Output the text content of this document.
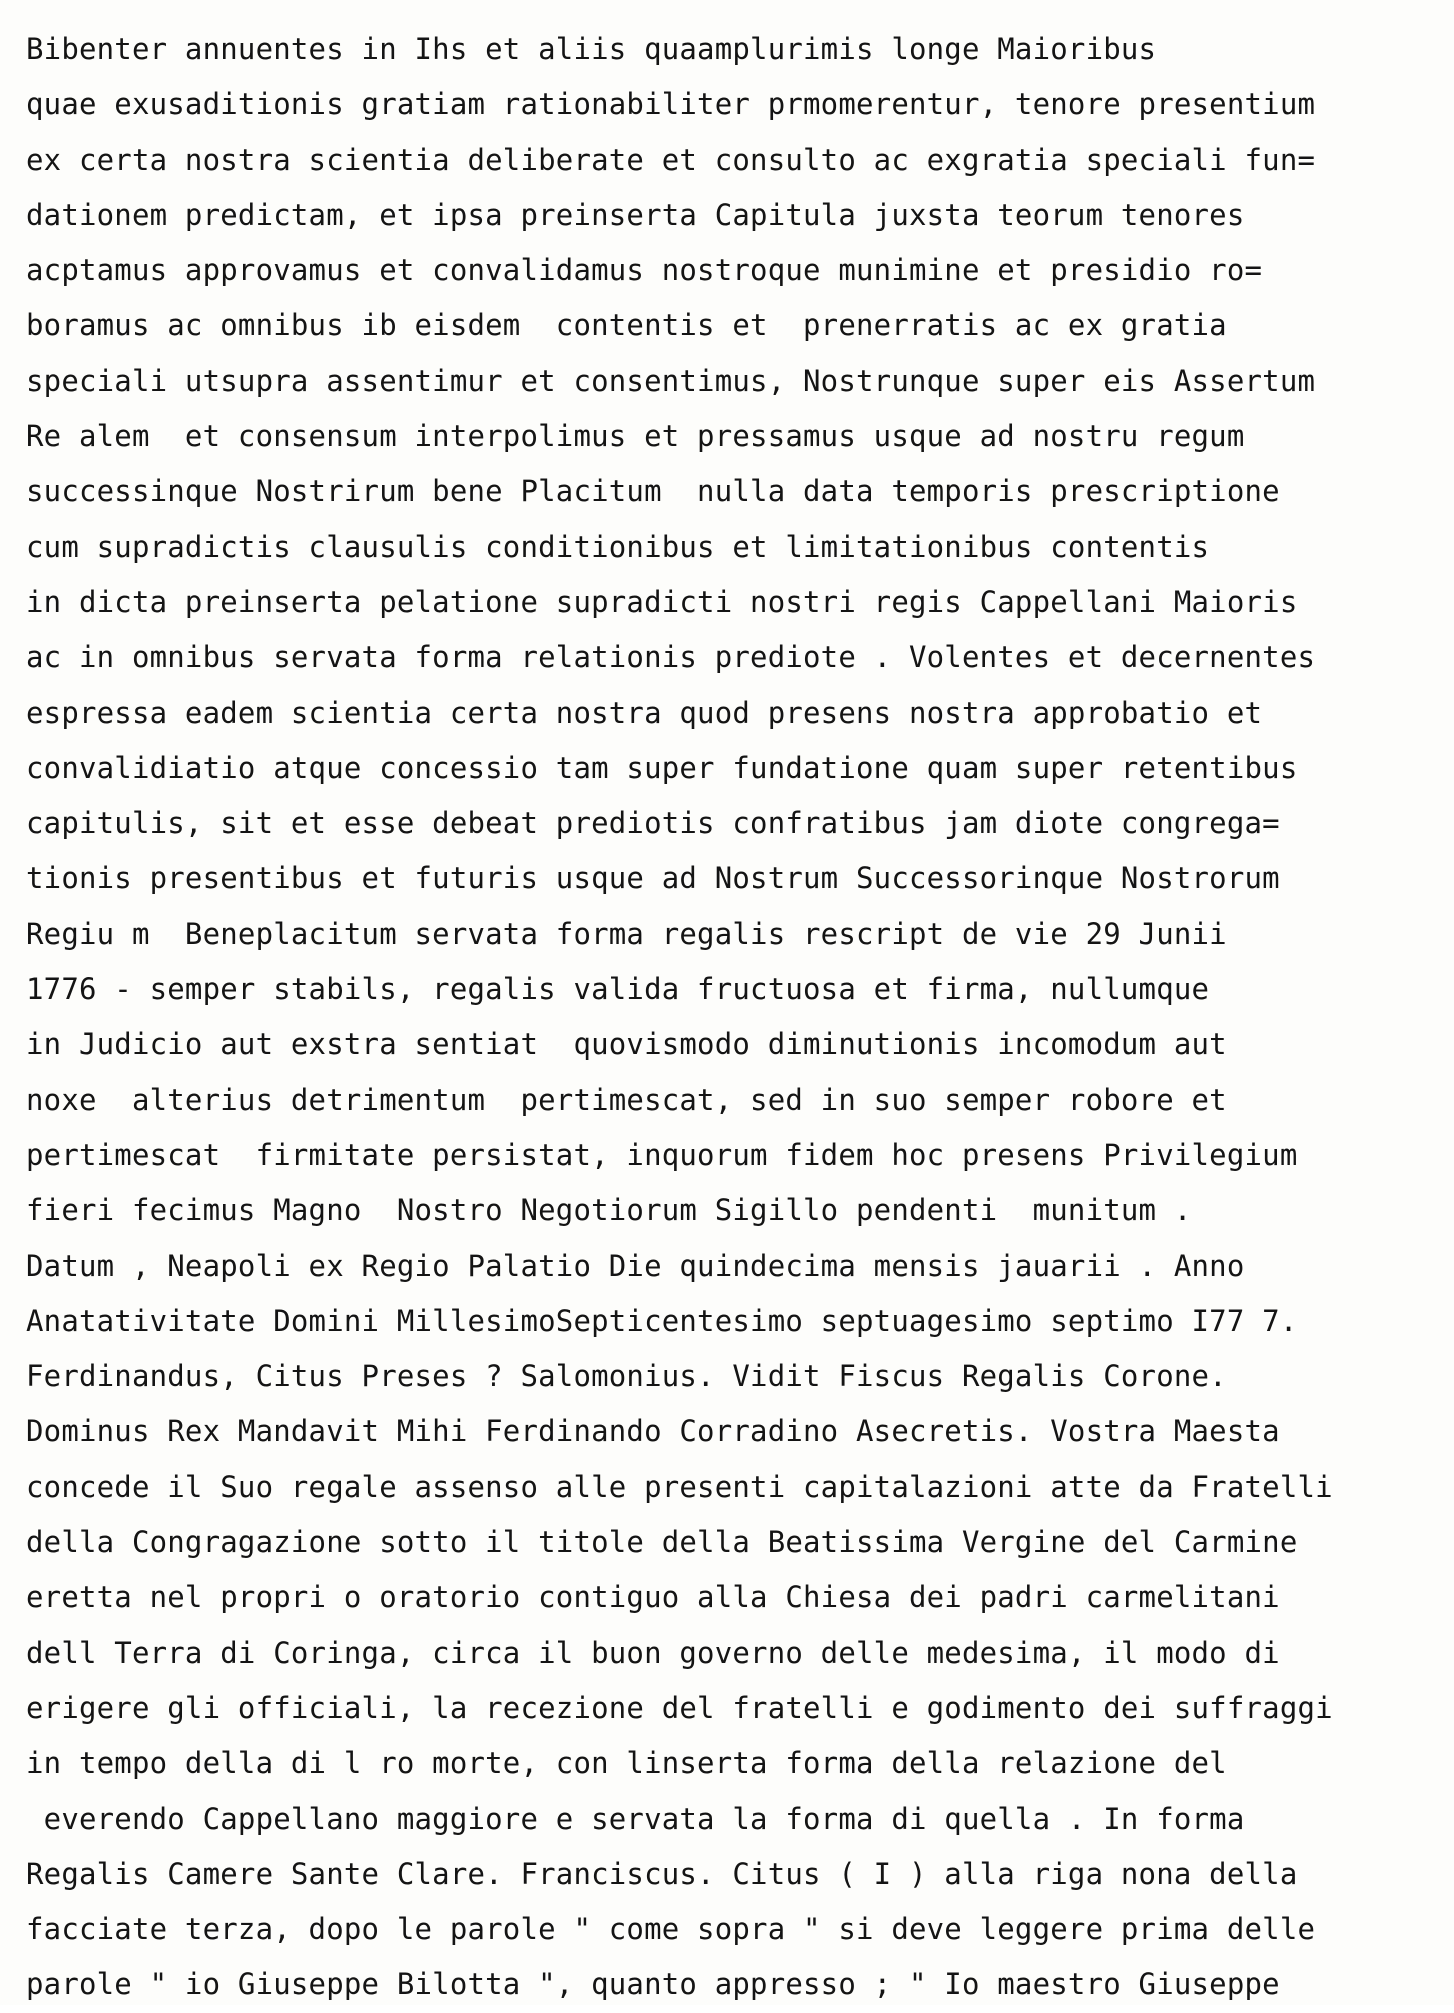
Bibenter annuentes in Ihs et aliis quaamplurimis longe Maioribus
quae exusaditionis gratiam rationabiliter prmomerentur, tenore presentium
ex certa nostra scientia deliberate et consulto ac exgratia speciali fun=
dationem predictam, et ipsa preinserta Capitula juxsta teorum tenores
acptamus approvamus et convalidamus nostroque munimine et presidio ro=
boramus ac omnibus ib eisdem  contentis et  prenerratis ac ex gratia
speciali utsupra assentimur et consentimus, Nostrunque super eis Assertum
Re alem  et consensum interpolimus et pressamus usque ad nostru regum
successinque Nostrirum bene Placitum  nulla data temporis prescriptione
cum supradictis clausulis conditionibus et limitationibus contentis
in dicta preinserta pelatione supradicti nostri regis Cappellani Maioris
ac in omnibus servata forma relationis prediote . Volentes et decernentes
espressa eadem scientia certa nostra quod presens nostra approbatio et
convalidiatio atque concessio tam super fundatione quam super retentibus
capitulis, sit et esse debeat prediotis confratibus jam diote congrega=
tionis presentibus et futuris usque ad Nostrum Successorinque Nostrorum
Regiu m  Beneplacitum servata forma regalis rescript de vie 29 Junii
1776 - semper stabils, regalis valida fructuosa et firma, nullumque
in Judicio aut exstra sentiat  quovismodo diminutionis incomodum aut
noxe  alterius detrimentum  pertimescat, sed in suo semper robore et
pertimescat  firmitate persistat, inquorum fidem hoc presens Privilegium
fieri fecimus Magno  Nostro Negotiorum Sigillo pendenti  munitum .
Datum , Neapoli ex Regio Palatio Die quindecima mensis jauarii . Anno
Anatativitate Domini MillesimoSepticentesimo septuagesimo septimo I77 7.
Ferdinandus, Citus Preses ? Salomonius. Vidit Fiscus Regalis Corone.
Dominus Rex Mandavit Mihi Ferdinando Corradino Asecretis. Vostra Maesta
concede il Suo regale assenso alle presenti capitalazioni atte da Fratelli
della Congragazione sotto il titole della Beatissima Vergine del Carmine
eretta nel propri o oratorio contiguo alla Chiesa dei padri carmelitani
dell Terra di Coringa, circa il buon governo delle medesima, il modo di
erigere gli officiali, la recezione del fratelli e godimento dei suffraggi
in tempo della di l ro morte, con linserta forma della relazione del
everendo Cappellano maggiore e servata la forma di quella . In forma
Regalis Camere Sante Clare. Franciscus. Citus ( I ) alla riga nona della
facciate terza, dopo le parole " come sopra " si deve leggere prima delle
parole " io Giuseppe Bilotta ", quanto appresso ; " Io maestro Giuseppe
